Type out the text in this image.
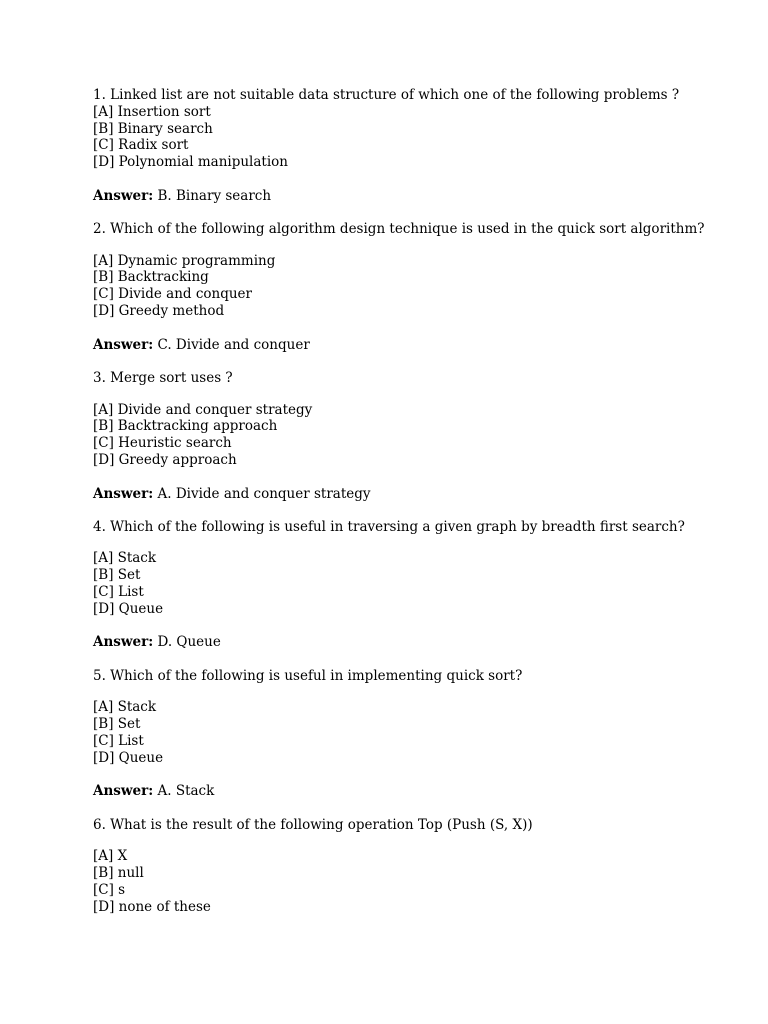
1. Linked list are not suitable data structure of which one of the following problems ?
[A] Insertion sort
[B] Binary search
[C] Radix sort
[D] Polynomial manipulation
Answer: B. Binary search
2. Which of the following algorithm design technique is used in the quick sort algorithm?
[A] Dynamic programming
[B] Backtracking
[C] Divide and conquer
[D] Greedy method
Answer: C. Divide and conquer
3. Merge sort uses ?
[A] Divide and conquer strategy
[B] Backtracking approach
[C] Heuristic search
[D] Greedy approach
Answer: A. Divide and conquer strategy
4. Which of the following is useful in traversing a given graph by breadth first search?
[A] Stack
[B] Set
[C] List
[D] Queue
Answer: D. Queue
5. Which of the following is useful in implementing quick sort?
[A] Stack
[B] Set
[C] List
[D] Queue
Answer: A. Stack
6. What is the result of the following operation Top (Push (S, X))
[A] X
[B] null
[C] s
[D] none of these
